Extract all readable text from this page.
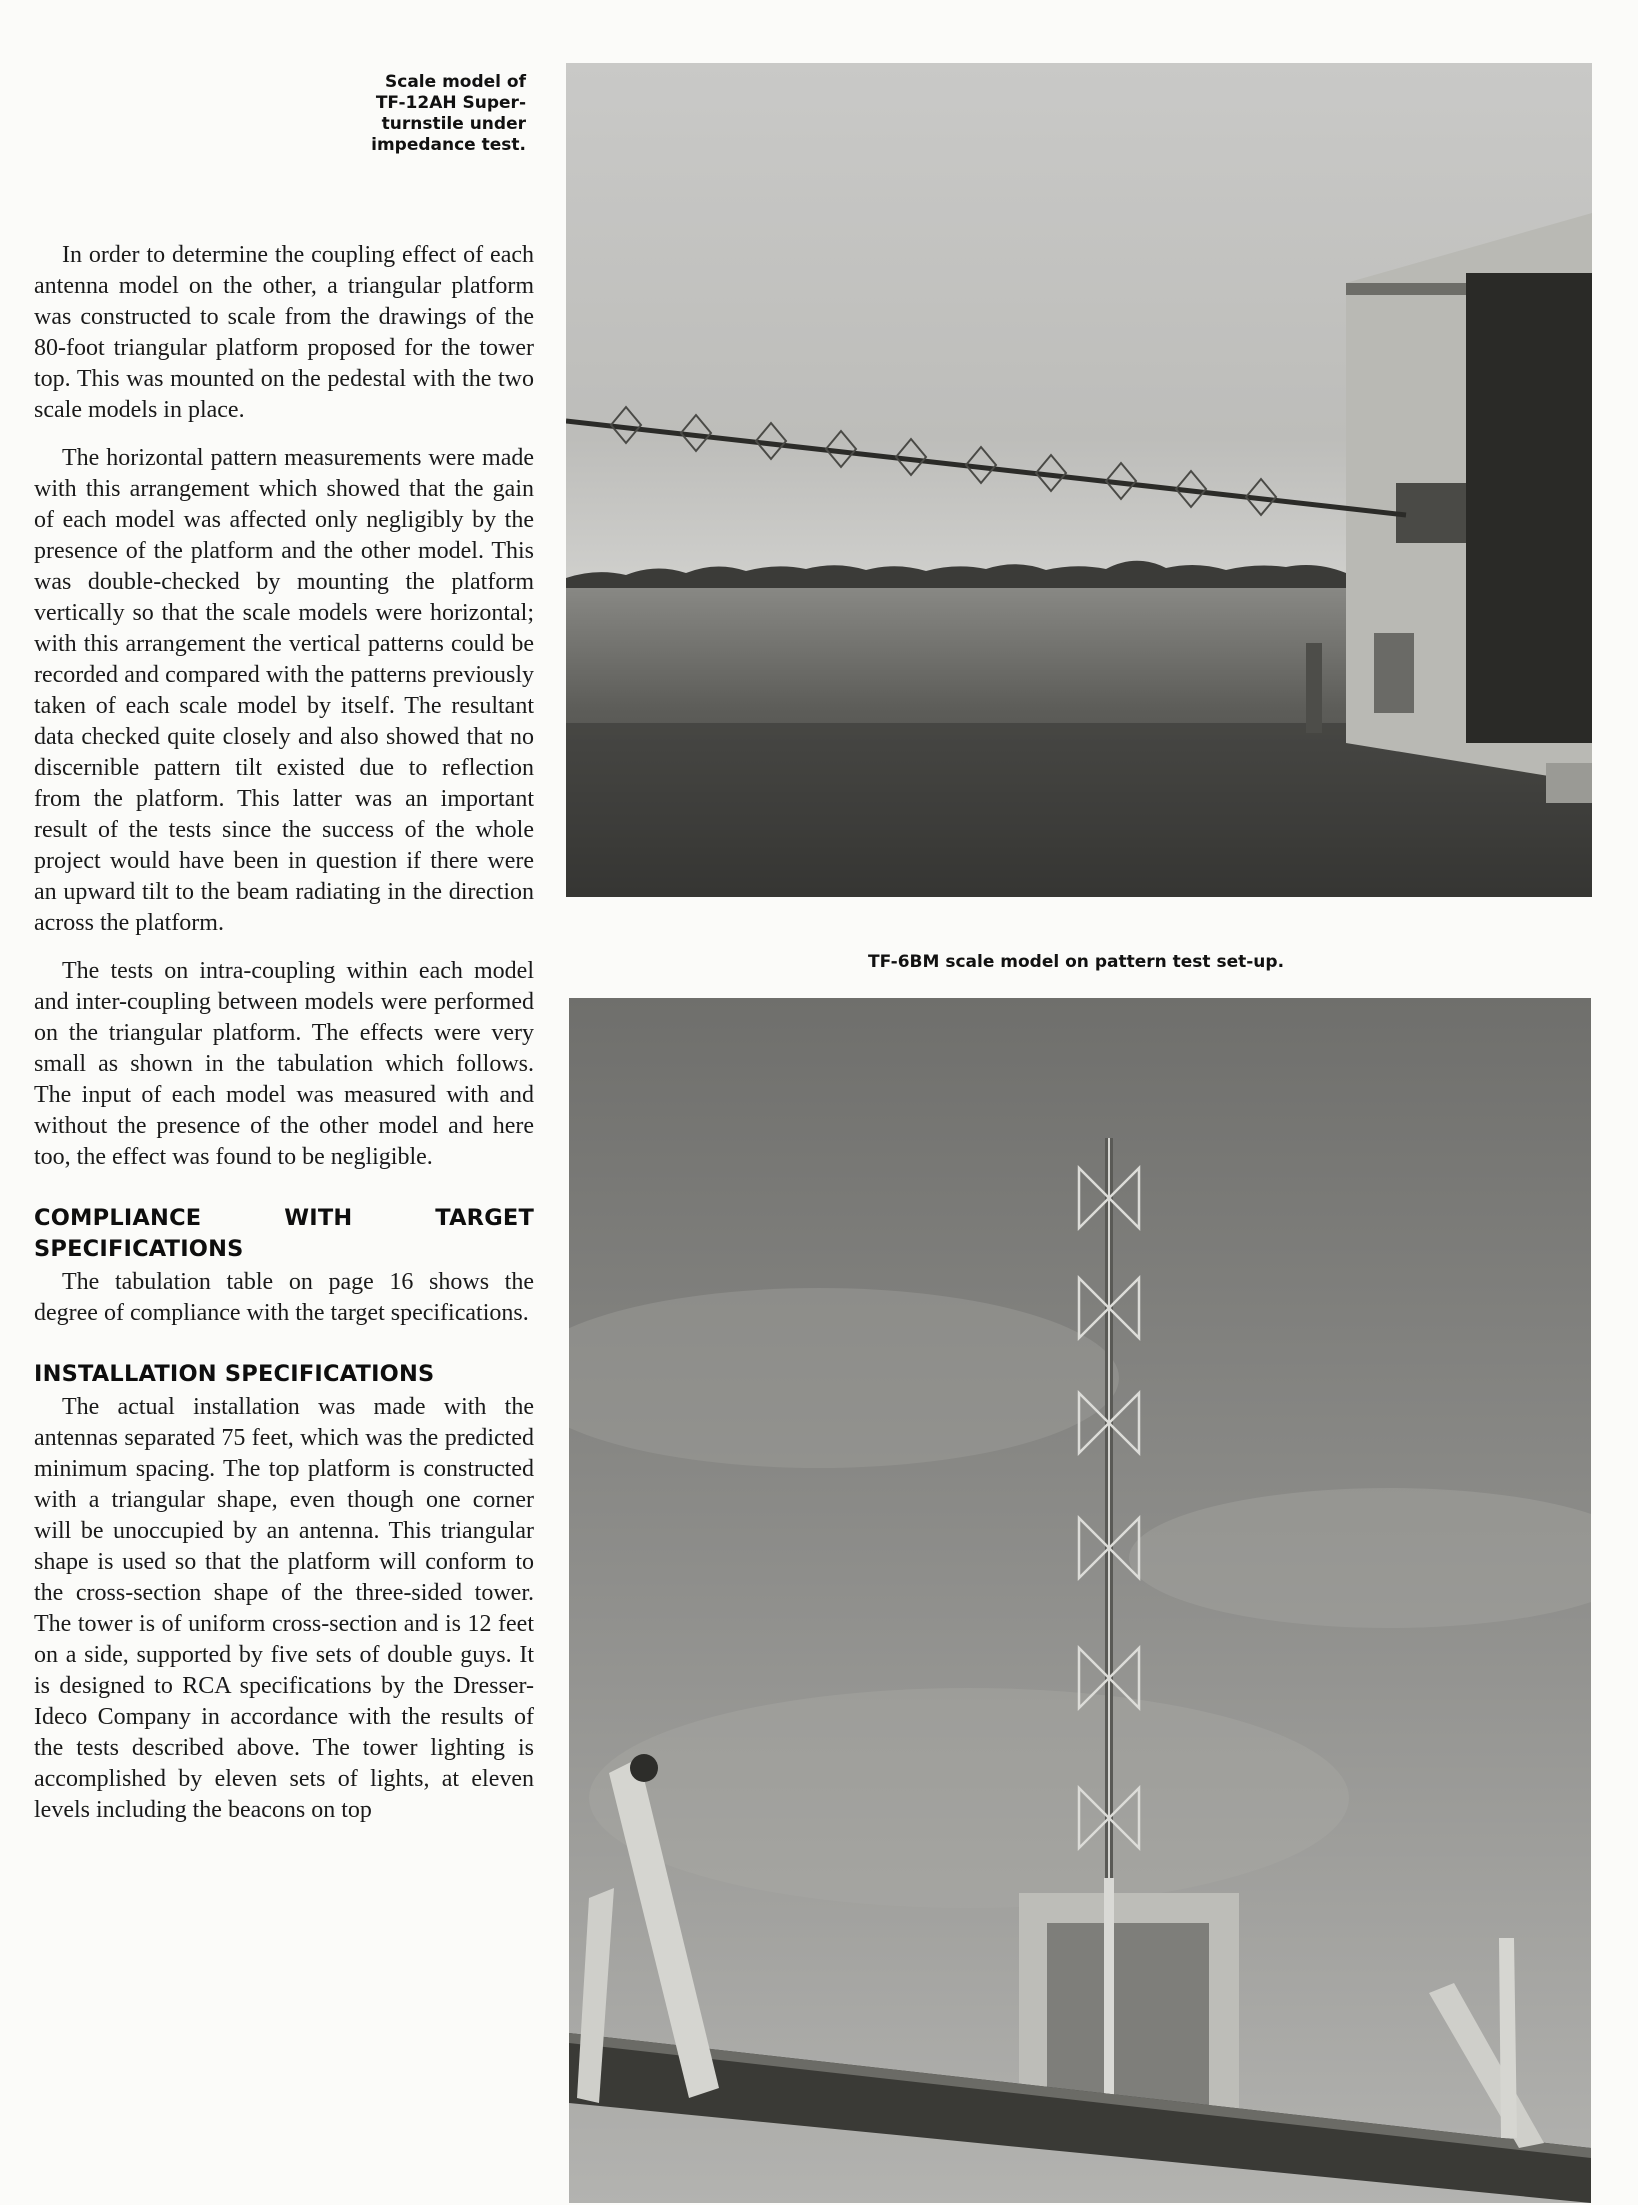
Scale model of TF-12AH Super-turnstile under impedance test.
TF-6BM scale model on pattern test set-up.

In order to determine the coupling effect of each antenna model on the other, a triangular platform was constructed to scale from the drawings of the 80-foot triangular platform proposed for the tower top. This was mounted on the pedestal with the two scale models in place.

The horizontal pattern measurements were made with this arrangement which showed that the gain of each model was affected only negligibly by the presence of the platform and the other model. This was double-checked by mounting the platform vertically so that the scale models were horizontal; with this arrangement the vertical patterns could be recorded and compared with the patterns previously taken of each scale model by itself. The resultant data checked quite closely and also showed that no discernible pattern tilt existed due to reflection from the platform. This latter was an important result of the tests since the success of the whole project would have been in question if there were an upward tilt to the beam radiating in the direction across the platform.

The tests on intra-coupling within each model and inter-coupling between models were performed on the triangular platform. The effects were very small as shown in the tabulation which follows. The input of each model was measured with and without the presence of the other model and here too, the effect was found to be negligible.

COMPLIANCE WITH TARGET SPECIFICATIONS

The tabulation table on page 16 shows the degree of compliance with the target specifications.

INSTALLATION SPECIFICATIONS

The actual installation was made with the antennas separated 75 feet, which was the predicted minimum spacing. The top platform is constructed with a triangular shape, even though one corner will be unoccupied by an antenna. This triangular shape is used so that the platform will conform to the cross-section shape of the three-sided tower. The tower is of uniform cross-section and is 12 feet on a side, supported by five sets of double guys. It is designed to RCA specifications by the Dresser-Ideco Company in accordance with the results of the tests described above. The tower lighting is accomplished by eleven sets of lights, at eleven levels including the beacons on top
